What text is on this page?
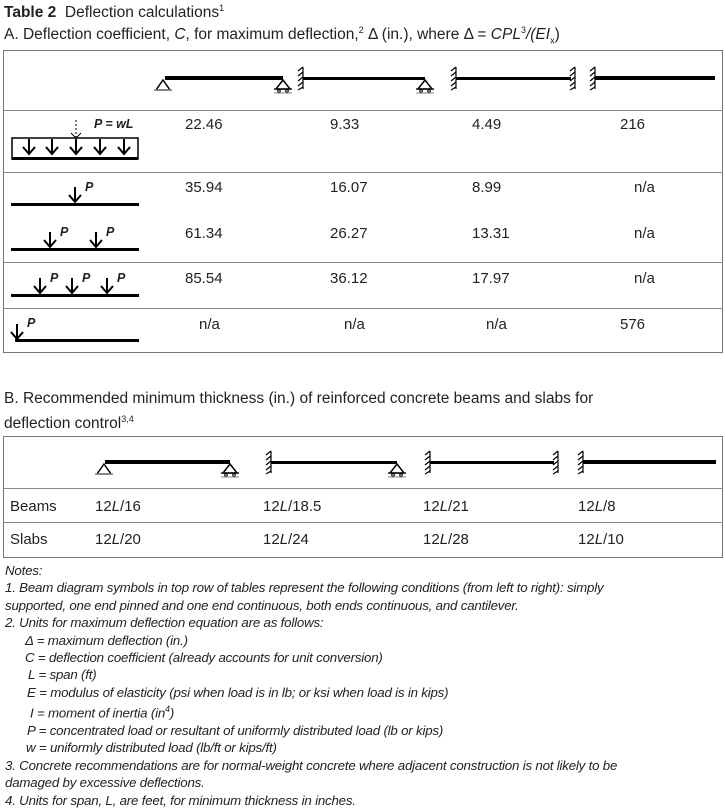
Table 2 Deflection calculations$^1$
A. Deflection coefficient, C, for maximum deflection,$^2$ Δ (in.), where $\Delta = CPL^3/(EI_x)$
P = wL
P
P	P
P P P
P
22.46	9.33	4.49	216
35.94	16.07	8.99	n/a
61.34	26.27	13.31	n/a
85.54	36.12	17.97	n/a
n/a	n/a	n/a	576
B. Recommended minimum thickness (in.) of reinforced concrete beams and slabs for
deflection control$^{3,4}$
Beams	12L/16	12L/18.5	12L/21	12L/8
Slabs	12L/20	12L/24	12L/28	12L/10
Notes:
1. Beam diagram symbols in top row of tables represent the following conditions (from left to right): simply
supported, one end pinned and one end continuous, both ends continuous, and cantilever.
2. Units for maximum deflection equation are as follows:
Δ = maximum deflection (in.)
C = deflection coefficient (already accounts for unit conversion)
L = span (ft)
E = modulus of elasticity (psi when load is in lb; or ksi when load is in kips)
I = moment of inertia $(in^4)$
P = concentrated load or resultant of uniformly distributed load (lb or kips)
w = uniformly distributed load (lb/ft or kips/ft)
3. Concrete recommendations are for normal-weight concrete where adjacent construction is not likely to be
damaged by excessive deflections.
4. Units for span, L, are feet, for minimum thickness in inches.
